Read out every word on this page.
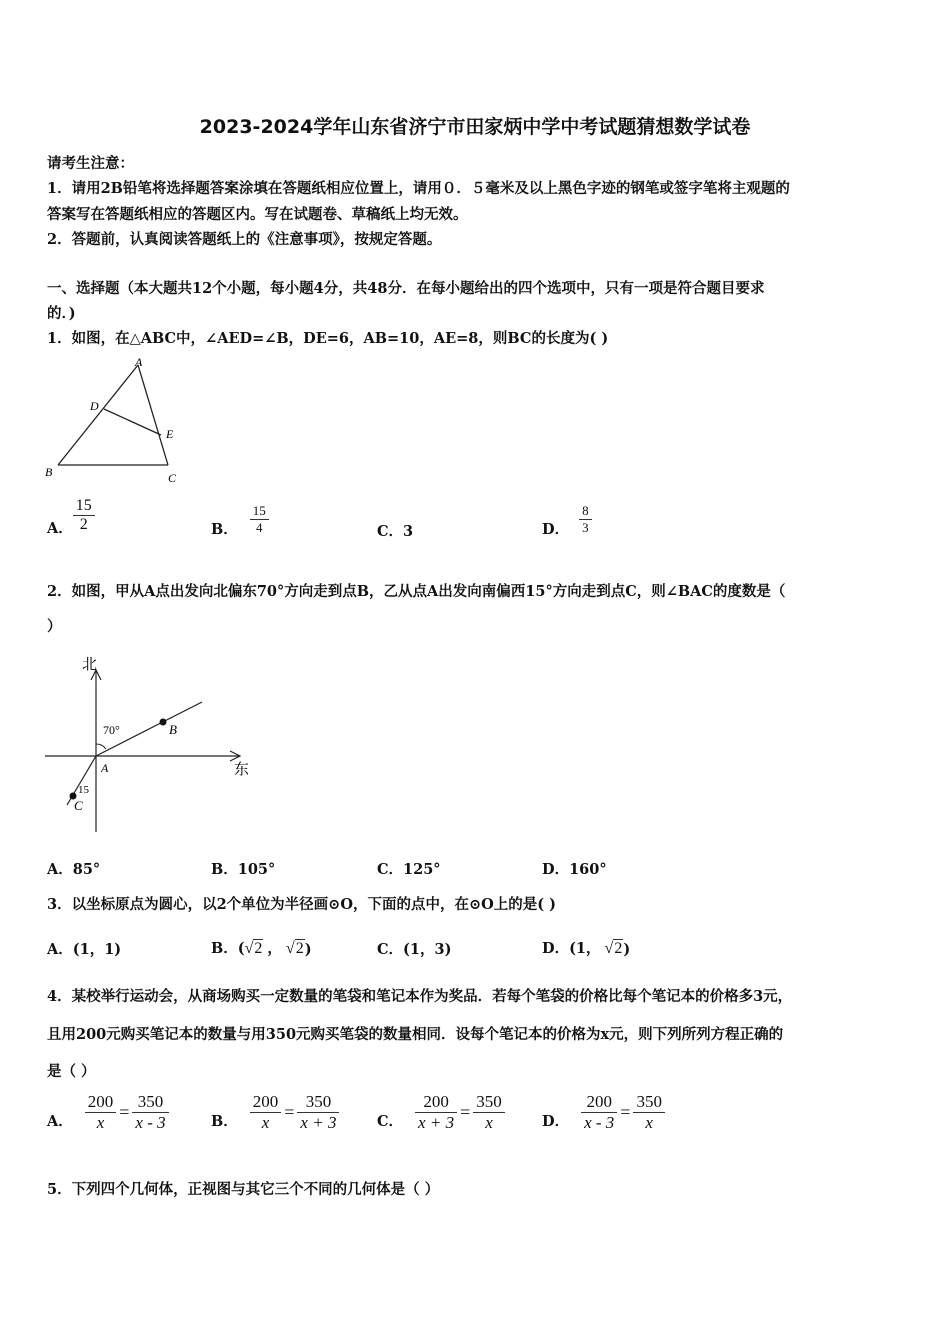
2023-2024学年山东省济宁市田家炳中学中考试题猜想数学试卷
请考生注意：
1．请用2B铅笔将选择题答案涂填在答题纸相应位置上，请用０．５毫米及以上黑色字迹的钢笔或签字笔将主观题的
答案写在答题纸相应的答题区内。写在试题卷、草稿纸上均无效。
2．答题前，认真阅读答题纸上的《注意事项》，按规定答题。
一、选择题（本大题共12个小题，每小题4分，共48分．在每小题给出的四个选项中，只有一项是符合题目要求
的．)
1．如图，在△ABC中，∠AED=∠B，DE=6，AB=10，AE=8，则BC的长度为( )
A
D
E
B	C
A． $\frac{15}{2}$	B． $\frac{15}{4}$	C．3	D． $\frac{8}{3}$
2．如图，甲从A点出发向北偏东70°方向走到点B，乙从点A出发向南偏西15°方向走到点C，则∠BAC的度数是（
）
北
东
70°
15
A
B
C
A．85°	B．105°	C．125°	D．160°
3．以坐标原点为圆心，以2个单位为半径画⊙O，下面的点中，在⊙O上的是( )
A．(1，1)	B．( √2 ， √2 )	C．(1，3)	D．(1， √2 )
4．某校举行运动会，从商场购买一定数量的笔袋和笔记本作为奖品．若每个笔袋的价格比每个笔记本的价格多3元，
且用200元购买笔记本的数量与用350元购买笔袋的数量相同．设每个笔记本的价格为x元，则下列所列方程正确的
是（ ）
A． $\frac{200}{x} = \frac{350}{x - 3}$	B． $\frac{200}{x} = \frac{350}{x + 3}$	C． $\frac{200}{x + 3} = \frac{350}{x}$	D． $\frac{200}{x - 3} = \frac{350}{x}$
5．下列四个几何体，正视图与其它三个不同的几何体是（ ）
